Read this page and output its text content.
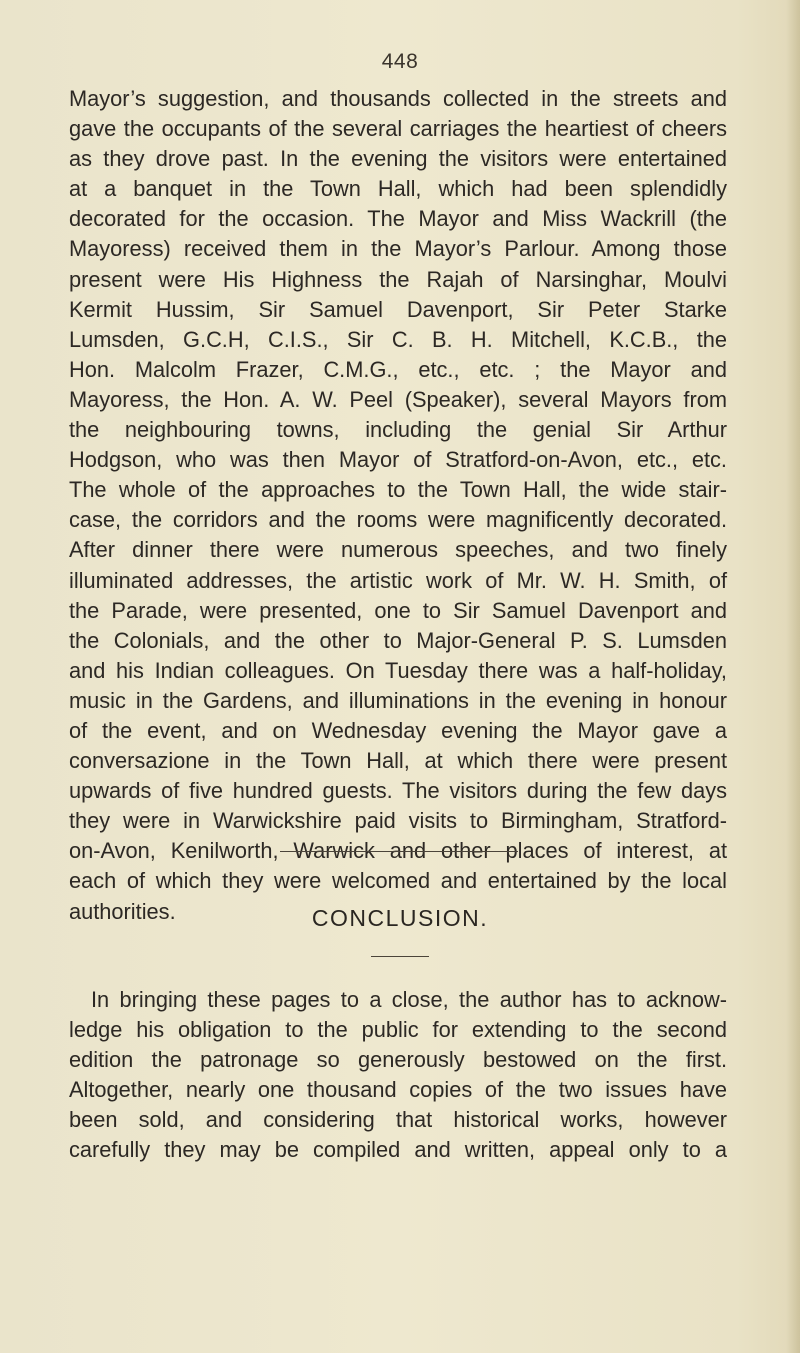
448
Mayor’s suggestion, and thousands collected in the streets and
gave the occupants of the several carriages the heartiest of cheers
as they drove past. In the evening the visitors were entertained
at a banquet in the Town Hall, which had been splendidly
decorated for the occasion. The Mayor and Miss Wackrill (the
Mayoress) received them in the Mayor’s Parlour. Among those
present were His Highness the Rajah of Narsinghar, Moulvi
Kermit Hussim, Sir Samuel Davenport, Sir Peter Starke
Lumsden, G.C.H, C.I.S., Sir C. B. H. Mitchell, K.C.B., the
Hon. Malcolm Frazer, C.M.G., etc., etc. ; the Mayor and
Mayoress, the Hon. A. W. Peel (Speaker), several Mayors from
the neighbouring towns, including the genial Sir Arthur
Hodgson, who was then Mayor of Stratford-on-Avon, etc., etc.
The whole of the approaches to the Town Hall, the wide stair-
case, the corridors and the rooms were magnificently decorated.
After dinner there were numerous speeches, and two finely
illuminated addresses, the artistic work of Mr. W. H. Smith, of
the Parade, were presented, one to Sir Samuel Davenport and
the Colonials, and the other to Major-General P. S. Lumsden
and his Indian colleagues. On Tuesday there was a half-holiday,
music in the Gardens, and illuminations in the evening in honour
of the event, and on Wednesday evening the Mayor gave a
conversazione in the Town Hall, at which there were present
upwards of five hundred guests. The visitors during the few days
they were in Warwickshire paid visits to Birmingham, Stratford-
on-Avon, Kenilworth, Warwick and other places of interest, at
each of which they were welcomed and entertained by the local
authorities.	CONCLUSION.
In bringing these pages to a close, the author has to acknow-
ledge his obligation to the public for extending to the second
edition the patronage so generously bestowed on the first.
Altogether, nearly one thousand copies of the two issues have
been sold, and considering that historical works, however
carefully they may be compiled and written, appeal only to a
